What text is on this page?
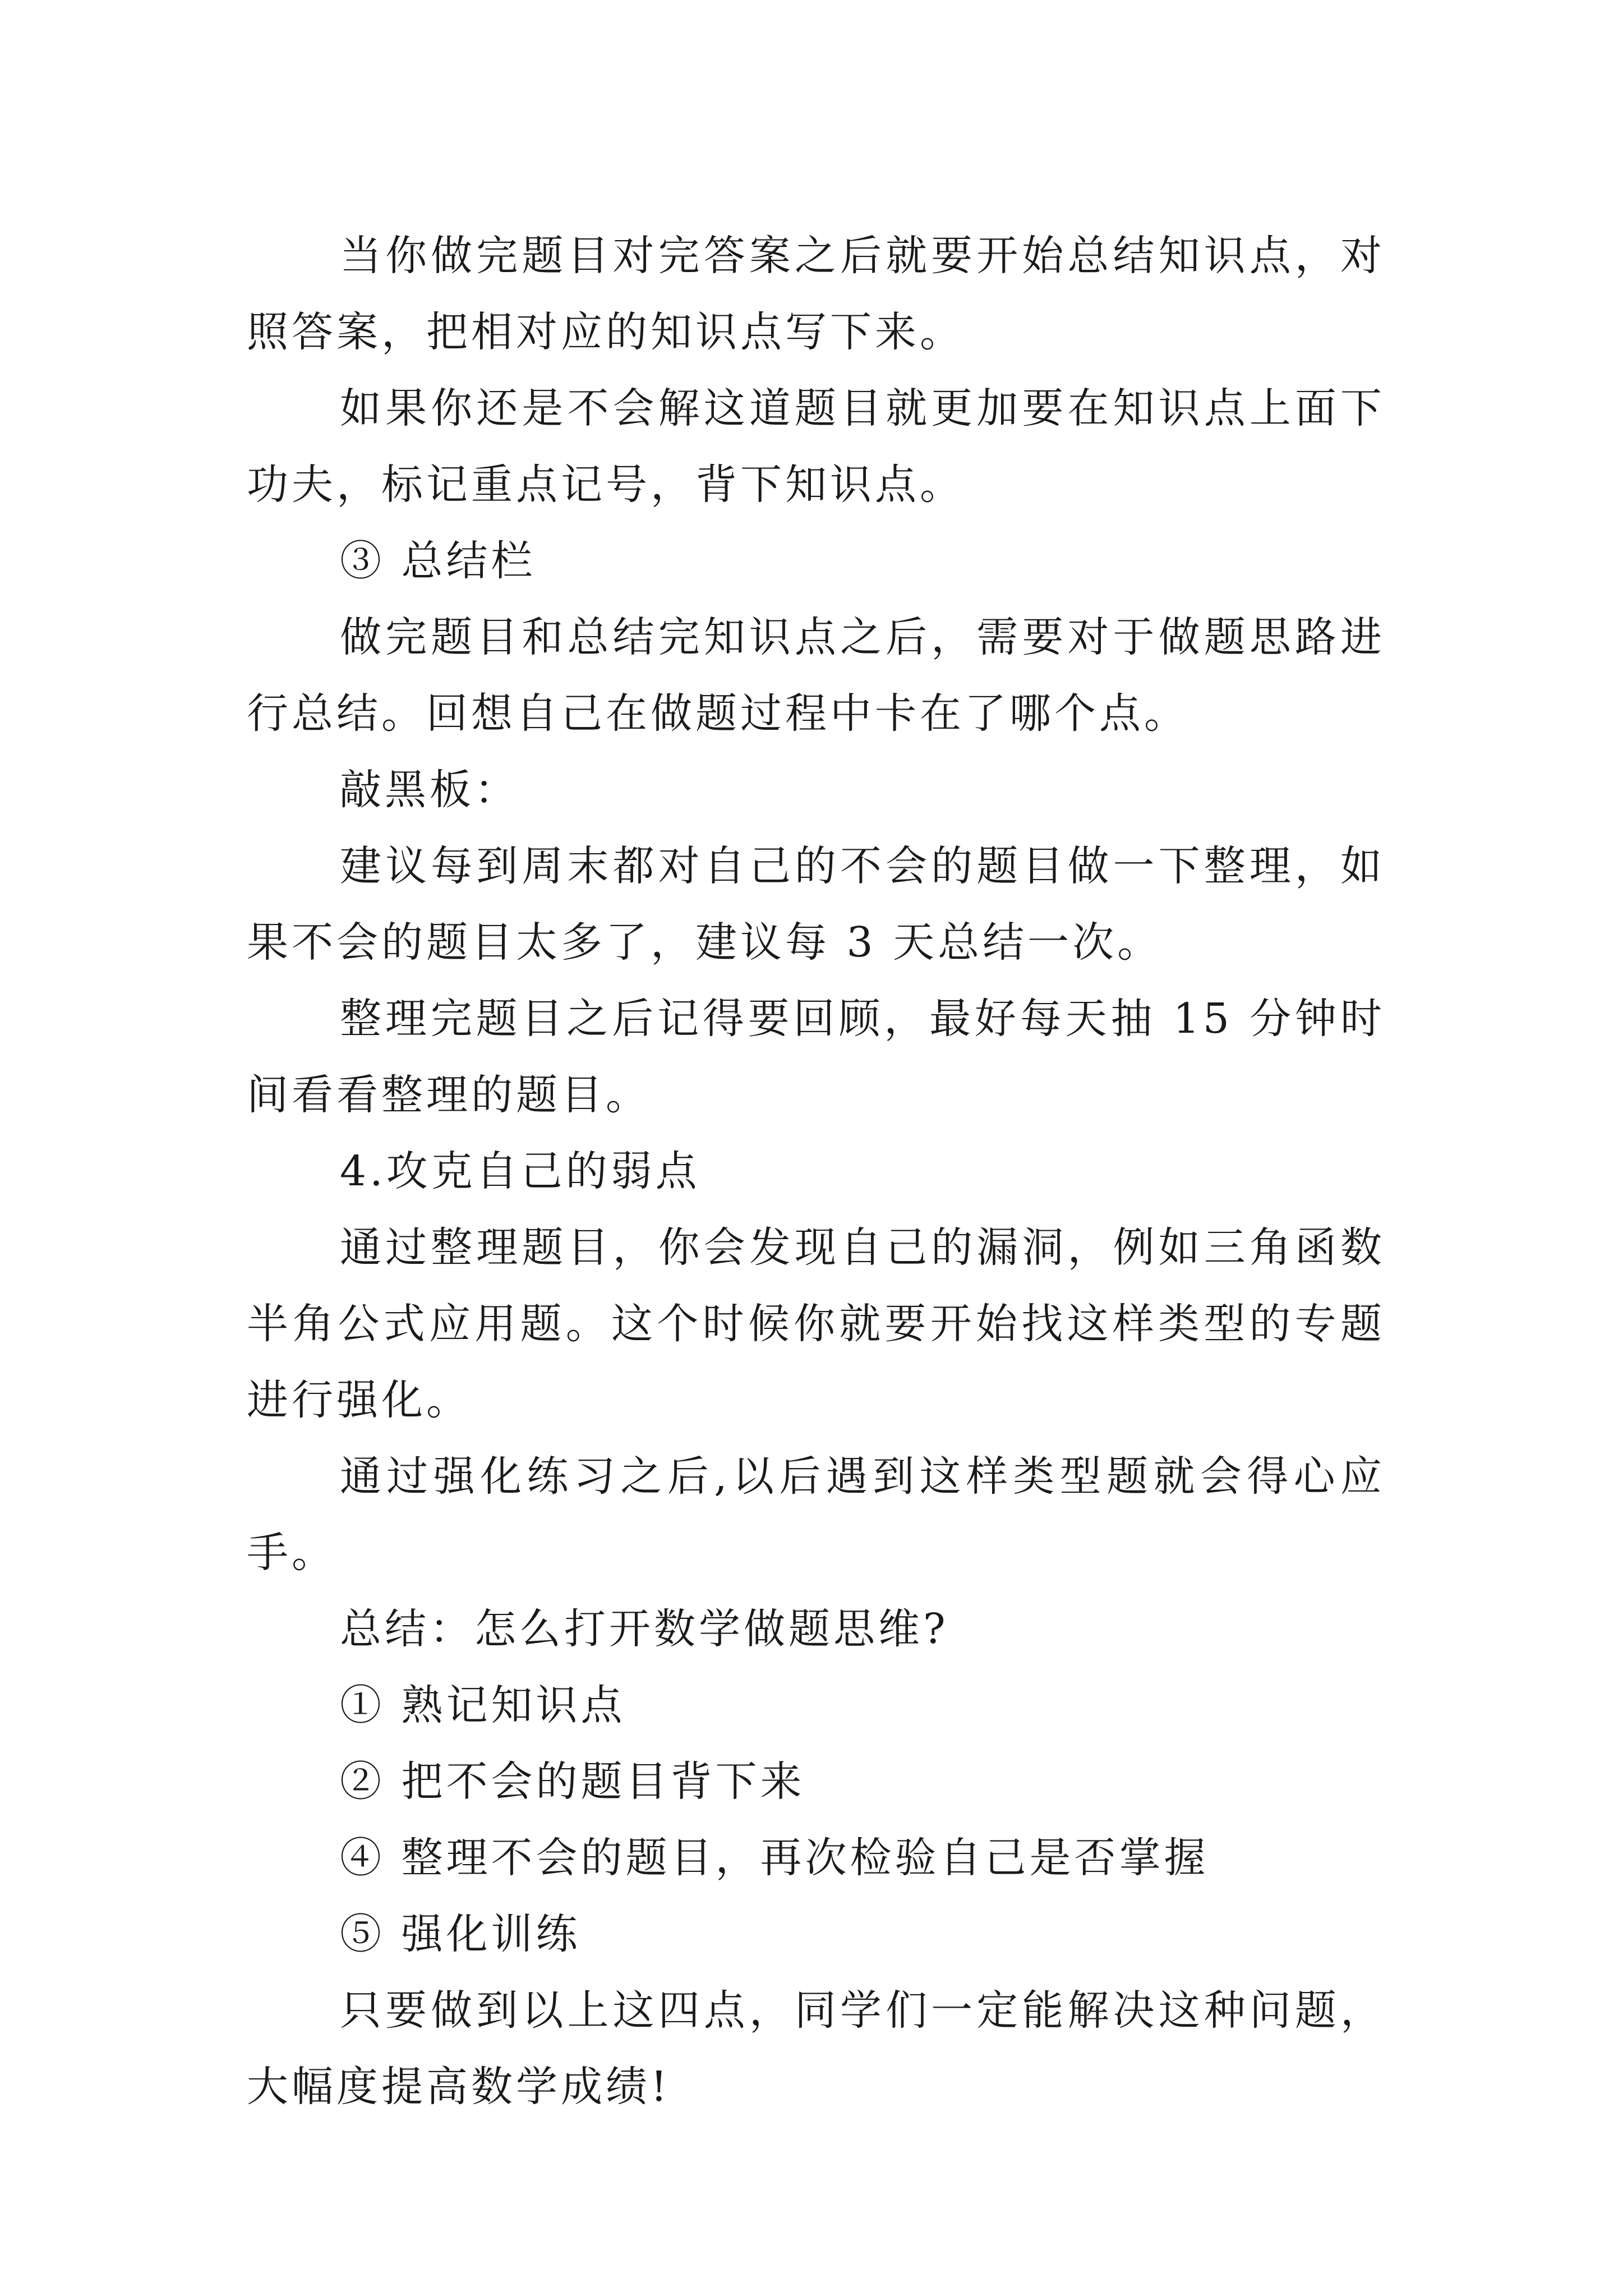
当你做完题目对完答案之后就要开始总结知识点，对照答案，把相对应的知识点写下来。

如果你还是不会解这道题目就更加要在知识点上面下功夫，标记重点记号，背下知识点。

③ 总结栏

做完题目和总结完知识点之后，需要对于做题思路进行总结。回想自己在做题过程中卡在了哪个点。

敲黑板：

建议每到周末都对自己的不会的题目做一下整理，如果不会的题目太多了，建议每 3 天总结一次。

整理完题目之后记得要回顾，最好每天抽 15 分钟时间看看整理的题目。

4.攻克自己的弱点

通过整理题目，你会发现自己的漏洞，例如三角函数半角公式应用题。这个时候你就要开始找这样类型的专题进行强化。

通过强化练习之后,以后遇到这样类型题就会得心应手。

总结：怎么打开数学做题思维?

① 熟记知识点

② 把不会的题目背下来

④ 整理不会的题目，再次检验自己是否掌握

⑤ 强化训练

只要做到以上这四点，同学们一定能解决这种问题，大幅度提高数学成绩!
